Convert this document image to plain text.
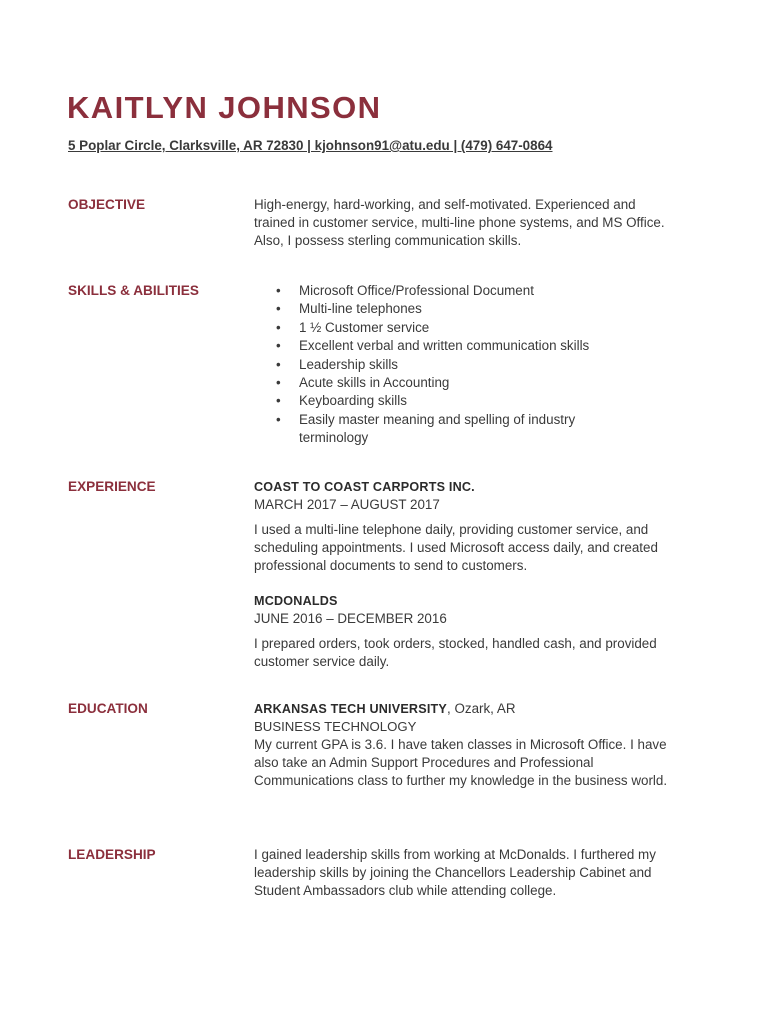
KAITLYN JOHNSON
5 Poplar Circle, Clarksville, AR 72830 | kjohnson91@atu.edu | (479) 647-0864
OBJECTIVE	High-energy, hard-working, and self-motivated. Experienced and trained in customer service, multi-line phone systems, and MS Office. Also, I possess sterling communication skills.

SKILLS & ABILITIES	• Microsoft Office/Professional Document
• Multi-line telephones
• 1 ½ Customer service
• Excellent verbal and written communication skills
• Leadership skills
• Acute skills in Accounting
• Keyboarding skills
• Easily master meaning and spelling of industry terminology
EXPERIENCE	COAST TO COAST CARPORTS INC.
MARCH 2017 – AUGUST 2017

I used a multi-line telephone daily, providing customer service, and scheduling appointments. I used Microsoft access daily, and created professional documents to send to customers.

MCDONALDS
JUNE 2016 – DECEMBER 2016

I prepared orders, took orders, stocked, handled cash, and provided customer service daily.

EDUCATION	ARKANSAS TECH UNIVERSITY, Ozark, AR
BUSINESS TECHNOLOGY

My current GPA is 3.6. I have taken classes in Microsoft Office. I have also take an Admin Support Procedures and Professional Communications class to further my knowledge in the business world.

LEADERSHIP	I gained leadership skills from working at McDonalds. I furthered my leadership skills by joining the Chancellors Leadership Cabinet and Student Ambassadors club while attending college.
